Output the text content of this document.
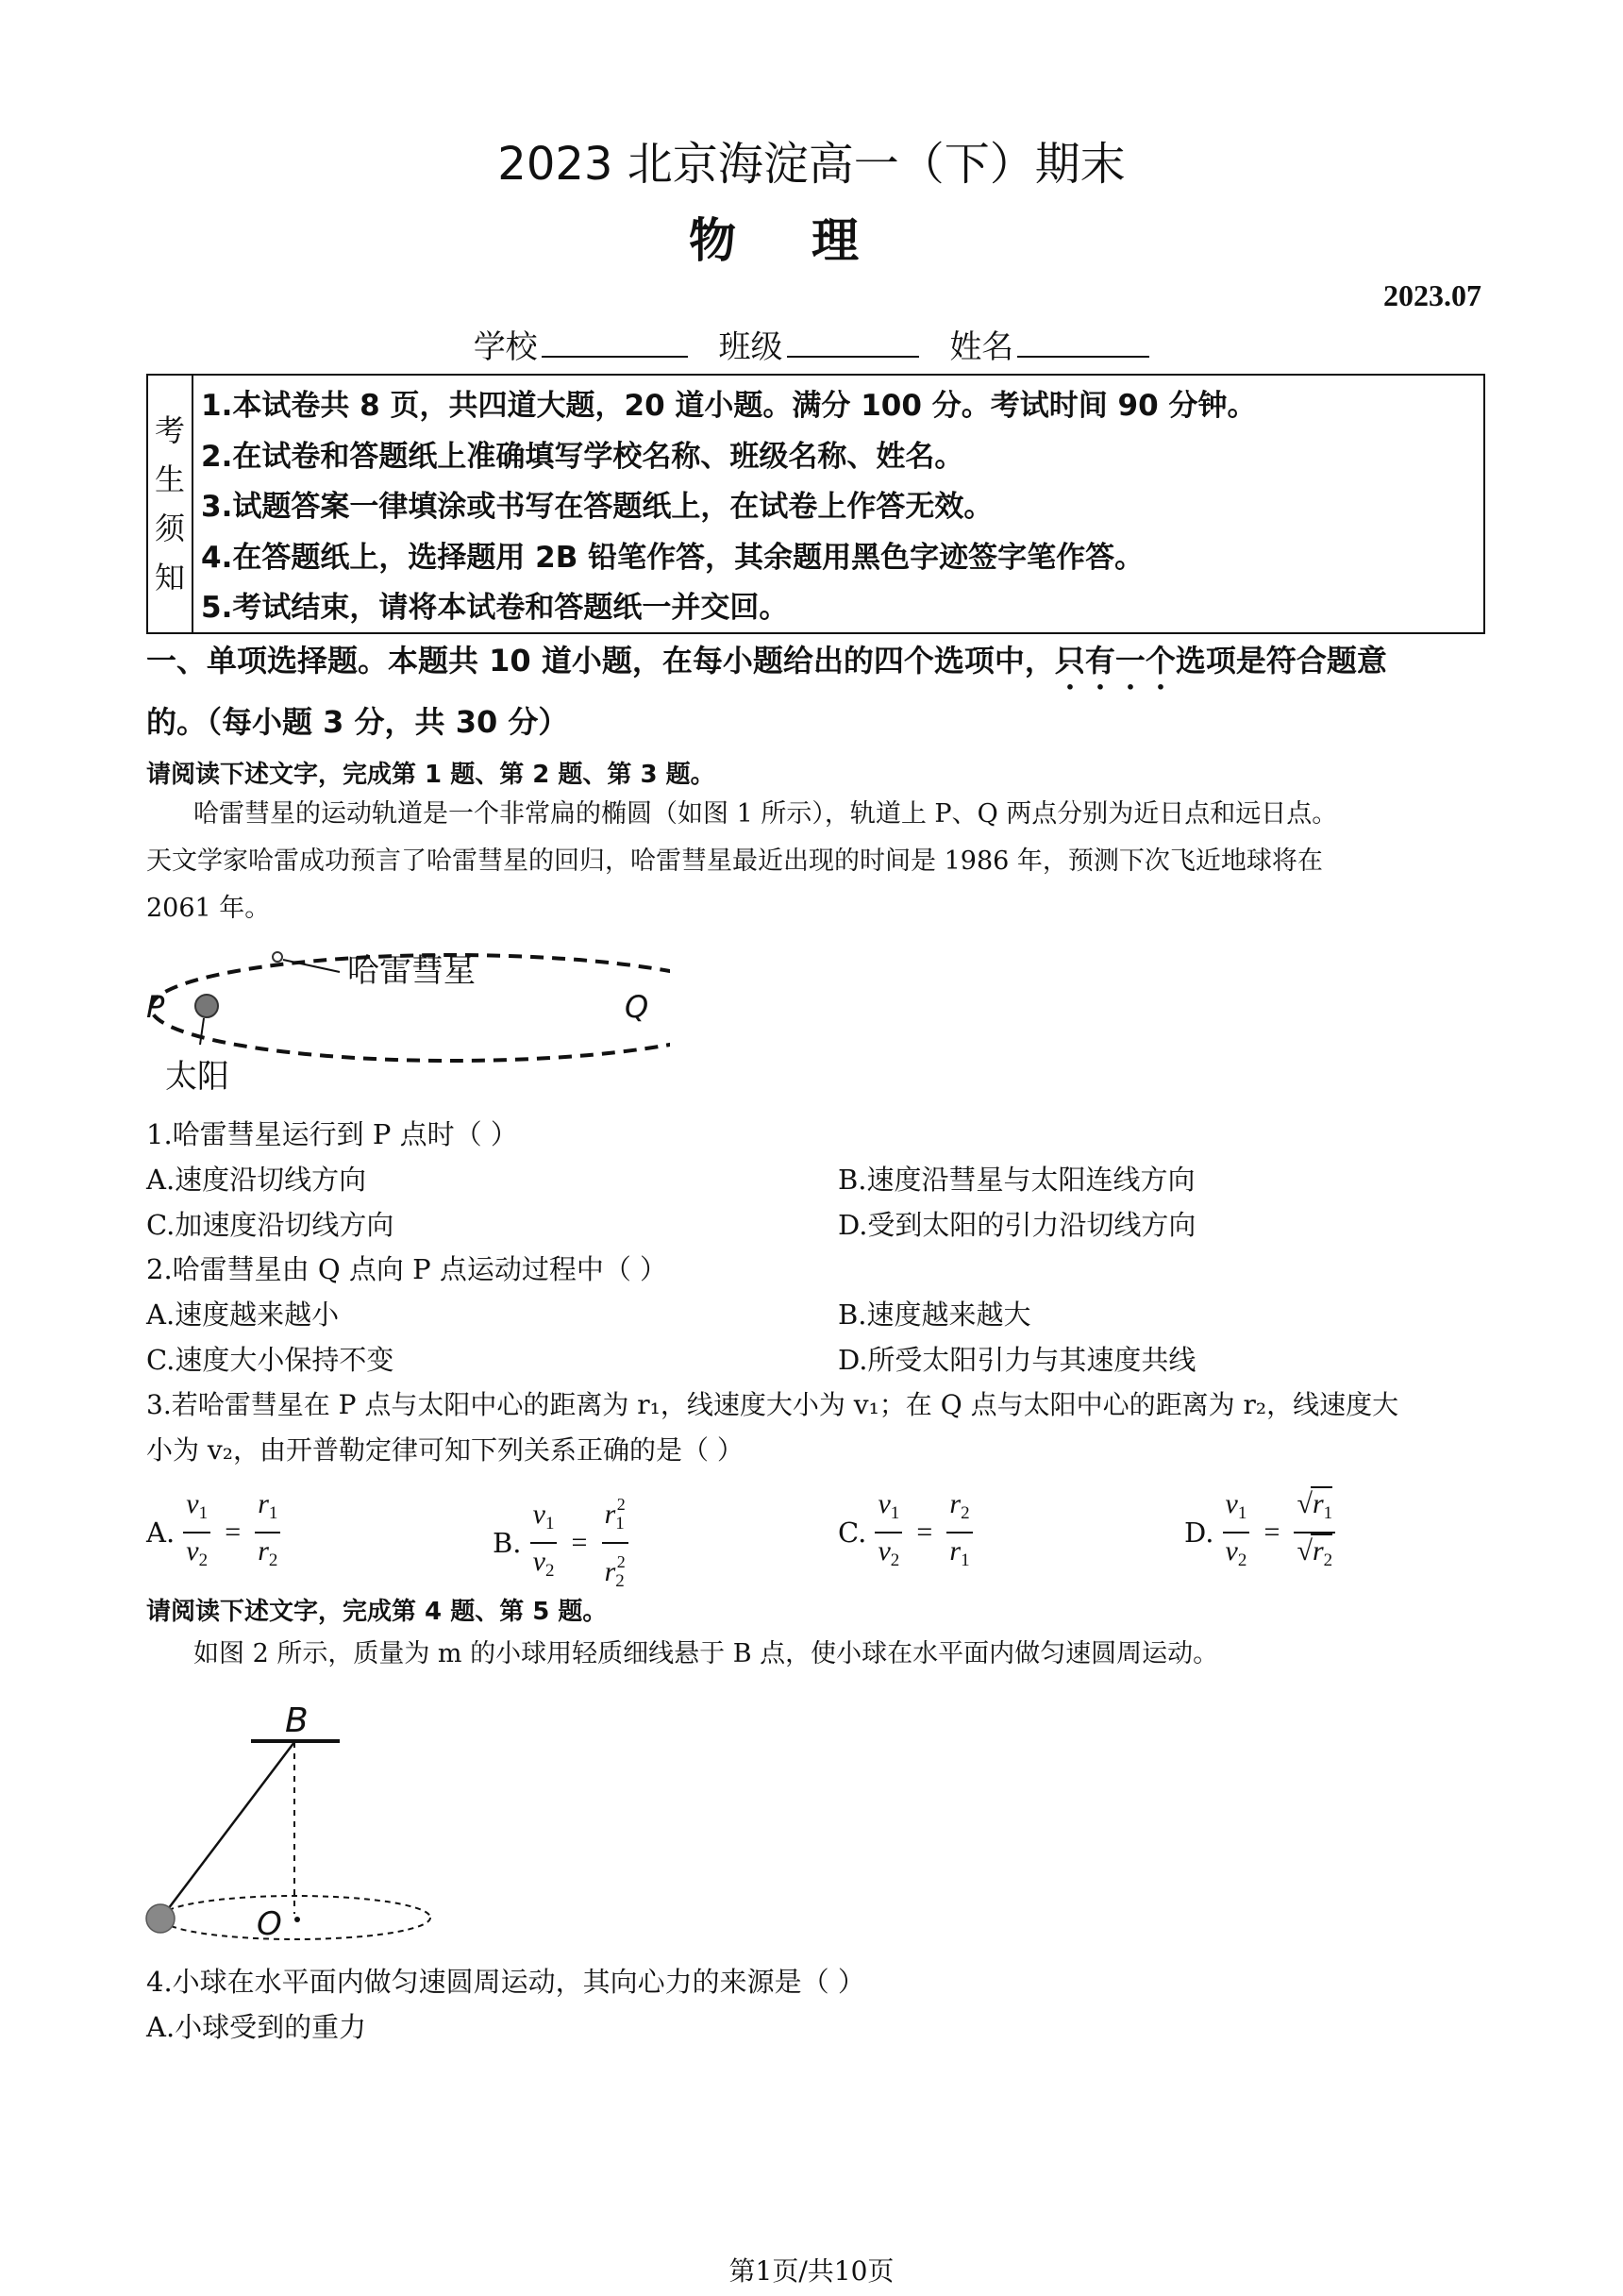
2023 北京海淀高一（下）期末
物理
2023.07
学校	班级	姓名
考
生
须
知
1.本试卷共 8 页，共四道大题，20 道小题。满分 100 分。考试时间 90 分钟。
2.在试卷和答题纸上准确填写学校名称、班级名称、姓名。
3.试题答案一律填涂或书写在答题纸上，在试卷上作答无效。
4.在答题纸上，选择题用 2B 铅笔作答，其余题用黑色字迹签字笔作答。
5.考试结束，请将本试卷和答题纸一并交回。
一、单项选择题。本题共 10 道小题，在每小题给出的四个选项中，只有一个选项是符合题意
的。（每小题 3 分，共 30 分）
请阅读下述文字，完成第 1 题、第 2 题、第 3 题。
哈雷彗星的运动轨道是一个非常扁的椭圆（如图 1 所示），轨道上 P、Q 两点分别为近日点和远日点。
天文学家哈雷成功预言了哈雷彗星的回归，哈雷彗星最近出现的时间是 1986 年，预测下次飞近地球将在
2061 年。
哈雷彗星
P	Q
太阳
1.哈雷彗星运行到 P 点时（ ）
A.速度沿切线方向	B.速度沿彗星与太阳连线方向
C.加速度沿切线方向	D.受到太阳的引力沿切线方向
2.哈雷彗星由 Q 点向 P 点运动过程中（ ）
A.速度越来越小	B.速度越来越大
C.速度大小保持不变	D.所受太阳引力与其速度共线
3.若哈雷彗星在 P 点与太阳中心的距离为 r₁，线速度大小为 v₁；在 Q 点与太阳中心的距离为 r₂，线速度大
小为 v₂，由开普勒定律可知下列关系正确的是（ ）
A. $\frac{v_1}{v_2} = \frac{r_1}{r_2}$	B. $\frac{v_1}{v_2} = \frac{r_1^2}{r_2^2}$	C. $\frac{v_1}{v_2} = \frac{r_2}{r_1}$	D. $\frac{v_1}{v_2} = \frac{√r_1}{√r_2}$
请阅读下述文字，完成第 4 题、第 5 题。
如图 2 所示，质量为 m 的小球用轻质细线悬于 B 点，使小球在水平面内做匀速圆周运动。
B
O
4.小球在水平面内做匀速圆周运动，其向心力的来源是（ ）
A.小球受到的重力
第1页/共10页
